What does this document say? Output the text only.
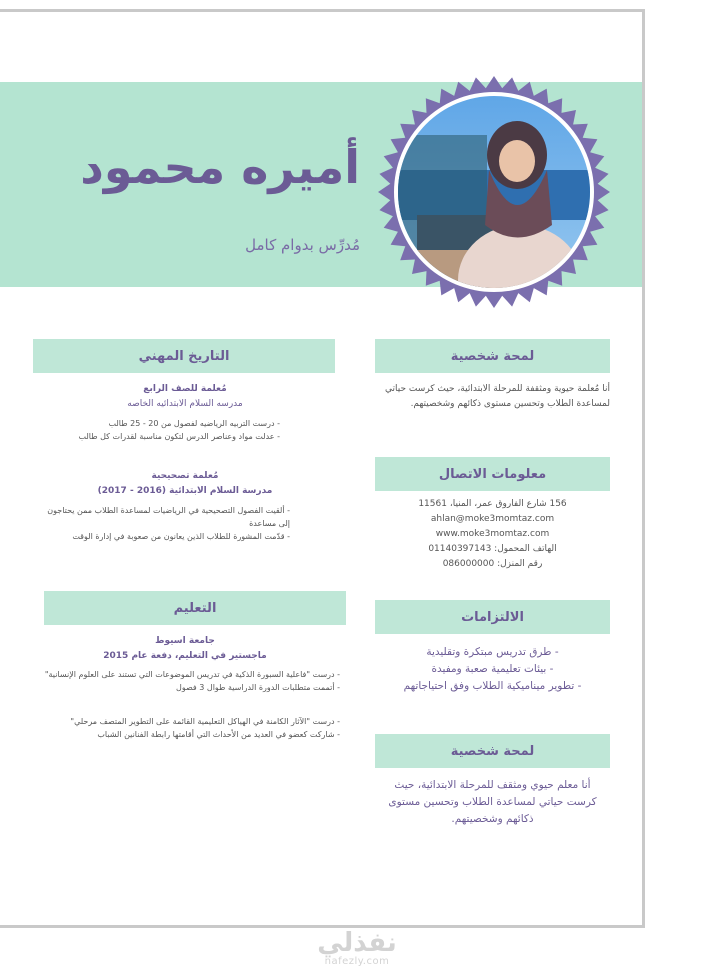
أميره محمود

مُدرِّس بدوام كامل

لمحة شخصية

أنا مُعلمة حيوية ومثقفة للمرحلة الابتدائية، حيث كرست حياتي لمساعدة الطلاب وتحسين مستوى ذكائهم وشخصيتهم.

معلومات الاتصال

156 شارع الفاروق عمر، المنيا، 11561

ahlan@moke3momtaz.com

www.moke3momtaz.com

الهاتف المحمول: 01140397143

رقم المنزل: 086000000

الالتزامات

- طرق تدريس مبتكرة وتقليدية

- بيئات تعليمية صعبة ومفيدة

- تطوير ميناميكية الطلاب وفق احتياجاتهم

لمحة شخصية

أنا معلم حيوي ومثقف للمرحلة الابتدائية، حيث كرست حياتي لمساعدة الطلاب وتحسين مستوى ذكائهم وشخصيتهم.

التاريخ المهني

مُعلمة للصف الرابع

مدرسه السلام الابتدائيه الخاصه

- درست التربيه الرياضيه لفصول من 20 - 25 طالب

- عدلت مواد وعناصر الدرس لتكون مناسبة لقدرات كل طالب

مُعلمة تصحيحية

مدرسة السلام الابتدائية (2016 - 2017)

- ألقيت الفصول التصحيحية في الرياضيات لمساعدة الطلاب ممن يحتاجون إلى مساعدة

- قدّمت المشورة للطلاب الذين يعانون من صعوبة في إدارة الوقت

التعليم

جامعة اسيوط

ماجستير في التعليم، دفعة عام 2015

- درست "فاعلية السبورة الذكية في تدريس الموضوعات التي تستند على العلوم الإنسانية"

- أتممت متطلبات الدورة الدراسية طوال 3 فصول

- درست "الآثار الكامنة في الهياكل التعليمية القائمة على التطوير المتصف مرحلي"

- شاركت كعضو في العديد من الأحداث التي أقامتها رابطة الفنانين الشباب

نفذلي
nafezly.com
